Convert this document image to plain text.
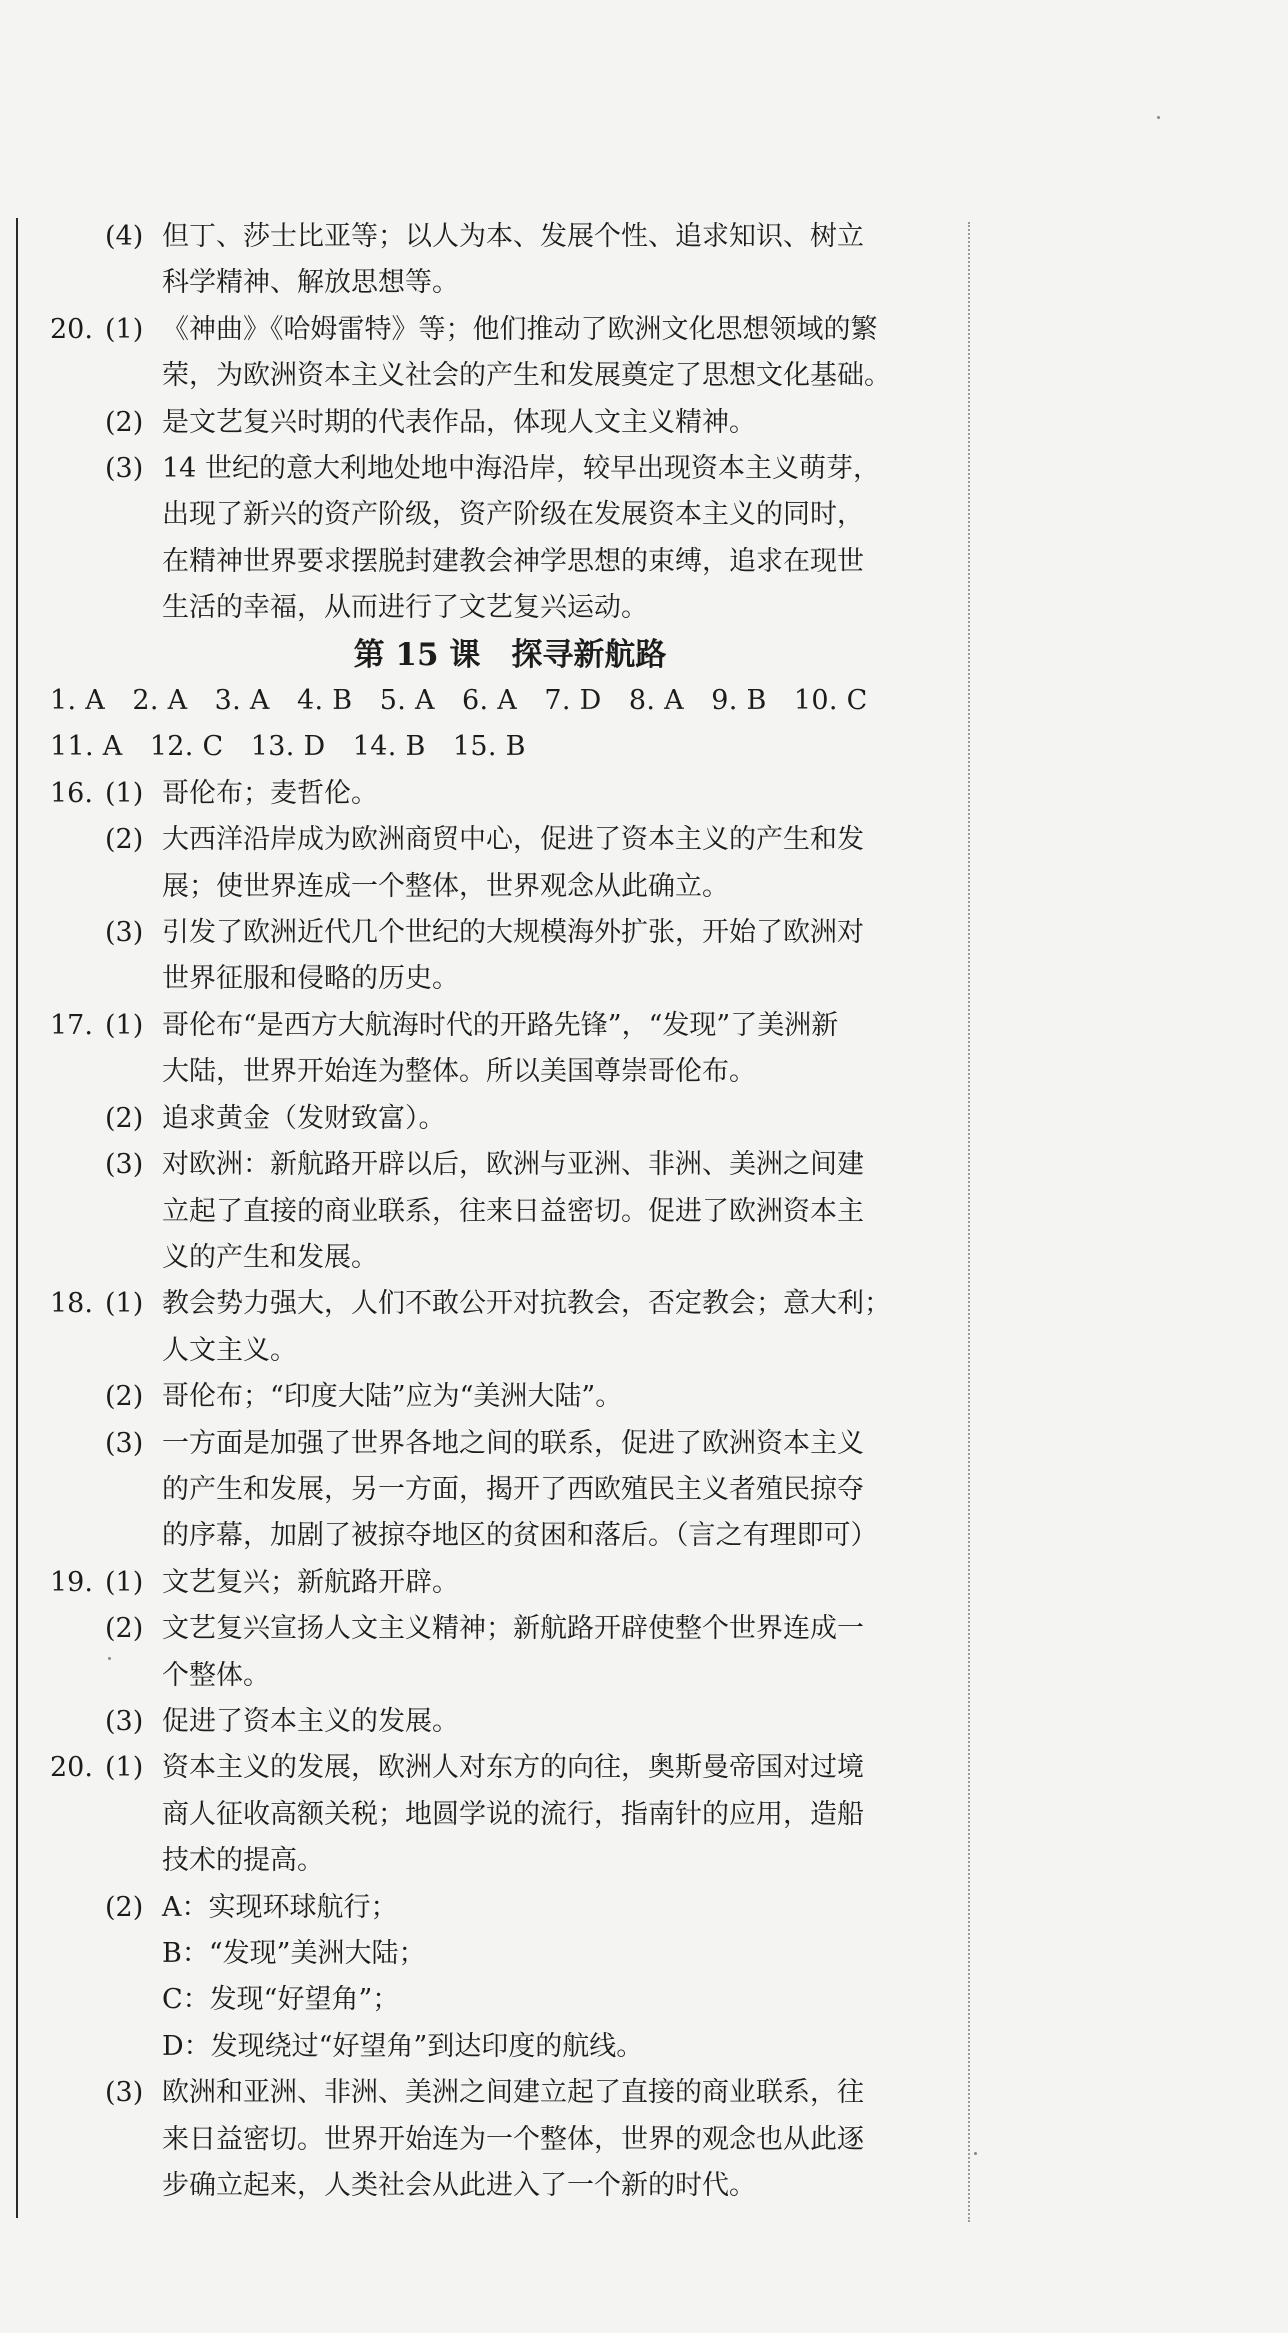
(4) 但丁、莎士比亚等；以人为本、发展个性、追求知识、树立
科学精神、解放思想等。
20. (1) 《神曲》《哈姆雷特》等；他们推动了欧洲文化思想领域的繁
荣，为欧洲资本主义社会的产生和发展奠定了思想文化基础。
(2) 是文艺复兴时期的代表作品，体现人文主义精神。
(3) 14 世纪的意大利地处地中海沿岸，较早出现资本主义萌芽，
出现了新兴的资产阶级，资产阶级在发展资本主义的同时，
在精神世界要求摆脱封建教会神学思想的束缚，追求在现世
生活的幸福，从而进行了文艺复兴运动。
第 15 课　探寻新航路
1. A　2. A　3. A　4. B　5. A　6. A　7. D　8. A　9. B　10. C
11. A　12. C　13. D　14. B　15. B
16. (1) 哥伦布；麦哲伦。
(2) 大西洋沿岸成为欧洲商贸中心，促进了资本主义的产生和发
展；使世界连成一个整体，世界观念从此确立。
(3) 引发了欧洲近代几个世纪的大规模海外扩张，开始了欧洲对
世界征服和侵略的历史。
17. (1) 哥伦布“是西方大航海时代的开路先锋”，“发现”了美洲新
大陆，世界开始连为整体。所以美国尊崇哥伦布。
(2) 追求黄金（发财致富）。
(3) 对欧洲：新航路开辟以后，欧洲与亚洲、非洲、美洲之间建
立起了直接的商业联系，往来日益密切。促进了欧洲资本主
义的产生和发展。
18. (1) 教会势力强大，人们不敢公开对抗教会，否定教会；意大利；
人文主义。
(2) 哥伦布；“印度大陆”应为“美洲大陆”。
(3) 一方面是加强了世界各地之间的联系，促进了欧洲资本主义
的产生和发展，另一方面，揭开了西欧殖民主义者殖民掠夺
的序幕，加剧了被掠夺地区的贫困和落后。（言之有理即可）
19. (1) 文艺复兴；新航路开辟。
(2) 文艺复兴宣扬人文主义精神；新航路开辟使整个世界连成一
个整体。
(3) 促进了资本主义的发展。
20. (1) 资本主义的发展，欧洲人对东方的向往，奥斯曼帝国对过境
商人征收高额关税；地圆学说的流行，指南针的应用，造船
技术的提高。
(2) A：实现环球航行；
B：“发现”美洲大陆；
C：发现“好望角”；
D：发现绕过“好望角”到达印度的航线。
(3) 欧洲和亚洲、非洲、美洲之间建立起了直接的商业联系，往
来日益密切。世界开始连为一个整体，世界的观念也从此逐
步确立起来，人类社会从此进入了一个新的时代。
